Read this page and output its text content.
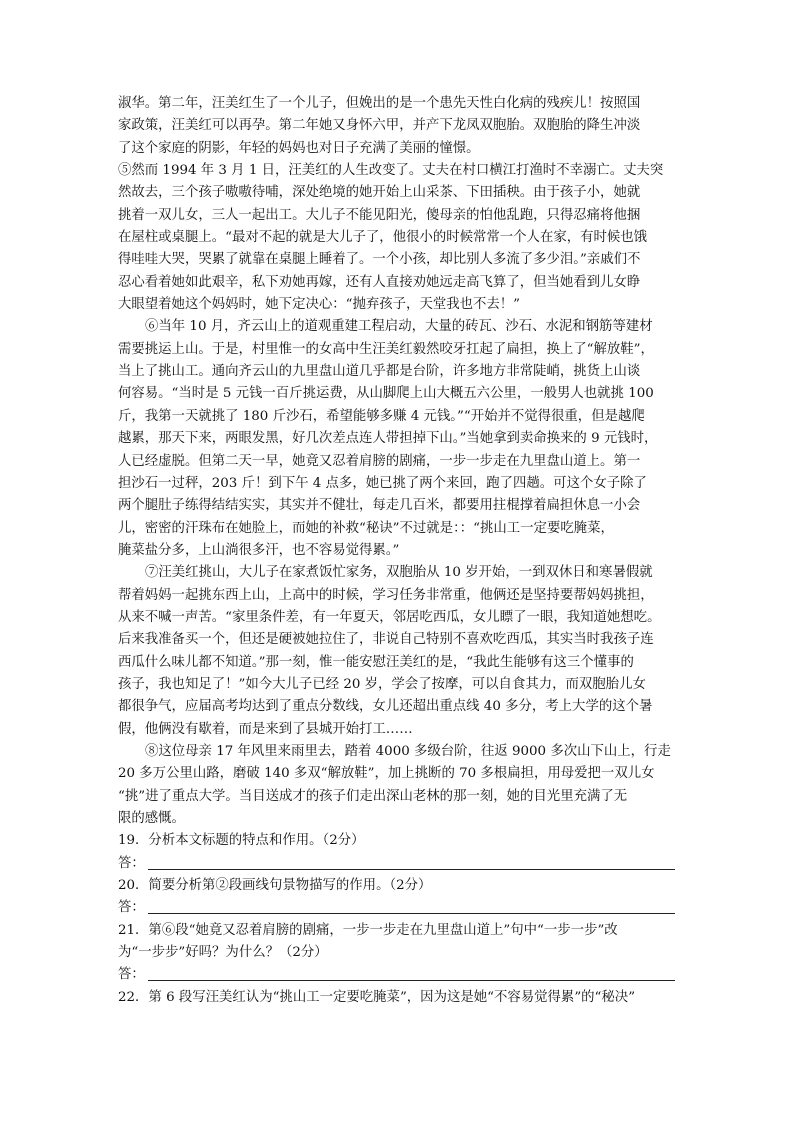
淑华。第二年，汪美红生了一个儿子，但娩出的是一个患先天性白化病的残疾儿！按照国
家政策，汪美红可以再孕。第二年她又身怀六甲，并产下龙凤双胞胎。双胞胎的降生冲淡
了这个家庭的阴影，年轻的妈妈也对日子充满了美丽的憧憬。
⑤然而 1994 年 3 月 1 日，汪美红的人生改变了。丈夫在村口横江打渔时不幸溺亡。丈夫突
然故去，三个孩子嗷嗷待哺，深处绝境的她开始上山采茶、下田插秧。由于孩子小，她就
挑着一双儿女，三人一起出工。大儿子不能见阳光，傻母亲的怕他乱跑，只得忍痛将他捆
在屋柱或桌腿上。“最对不起的就是大儿子了，他很小的时候常常一个人在家，有时候也饿
得哇哇大哭，哭累了就靠在桌腿上睡着了。一个小孩，却比别人多流了多少泪。”亲戚们不
忍心看着她如此艰辛，私下劝她再嫁，还有人直接劝她远走高飞算了，但当她看到儿女睁
大眼望着她这个妈妈时，她下定决心：“抛弃孩子，天堂我也不去！”
⑥当年 10 月，齐云山上的道观重建工程启动，大量的砖瓦、沙石、水泥和钢筋等建材
需要挑运上山。于是，村里惟一的女高中生汪美红毅然咬牙扛起了扁担，换上了“解放鞋”，
当上了挑山工。通向齐云山的九里盘山道几乎都是台阶，许多地方非常陡峭，挑货上山谈
何容易。“当时是 5 元钱一百斤挑运费，从山脚爬上山大概五六公里，一般男人也就挑 100
斤，我第一天就挑了 180 斤沙石，希望能够多赚 4 元钱。”“开始并不觉得很重，但是越爬
越累，那天下来，两眼发黑，好几次差点连人带担掉下山。”当她拿到卖命换来的 9 元钱时，
人已经虚脱。但第二天一早，她竟又忍着肩膀的剧痛，一步一步走在九里盘山道上。第一
担沙石一过秤，203 斤！到下午 4 点多，她已挑了两个来回，跑了四趟。可这个女子除了
两个腿肚子练得结结实实，其实并不健壮，每走几百米，都要用拄棍撑着扁担休息一小会
儿，密密的汗珠布在她脸上，而她的补救“秘诀”不过就是：：“挑山工一定要吃腌菜，
腌菜盐分多，上山淌很多汗，也不容易觉得累。”
⑦汪美红挑山，大儿子在家煮饭忙家务，双胞胎从 10 岁开始，一到双休日和寒暑假就
帮着妈妈一起挑东西上山，上高中的时候，学习任务非常重，他俩还是坚持要帮妈妈挑担，
从来不喊一声苦。“家里条件差，有一年夏天，邻居吃西瓜，女儿瞟了一眼，我知道她想吃。
后来我准备买一个，但还是硬被她拉住了，非说自己特别不喜欢吃西瓜，其实当时我孩子连
西瓜什么味儿都不知道。”那一刻，惟一能安慰汪美红的是，“我此生能够有这三个懂事的
孩子，我也知足了！”如今大儿子已经 20 岁，学会了按摩，可以自食其力，而双胞胎儿女
都很争气，应届高考均达到了重点分数线，女儿还超出重点线 40 多分，考上大学的这个暑
假，他俩没有歇着，而是来到了县城开始打工……
⑧这位母亲 17 年风里来雨里去，踏着 4000 多级台阶，往返 9000 多次山下山上，行走
20 多万公里山路，磨破 140 多双“解放鞋”，加上挑断的 70 多根扁担，用母爱把一双儿女
“挑”进了重点大学。当目送成才的孩子们走出深山老林的那一刻，她的目光里充满了无
限的感慨。
19．分析本文标题的特点和作用。（2分）
答：
20．简要分析第②段画线句景物描写的作用。（2分）
答：
21．第⑥段“她竟又忍着肩膀的剧痛，一步一步走在九里盘山道上”句中“一步一步”改
为“一步步”好吗？为什么？（2分）
答：
22．第 6 段写汪美红认为“挑山工一定要吃腌菜”，因为这是她“不容易觉得累”的“秘决”
